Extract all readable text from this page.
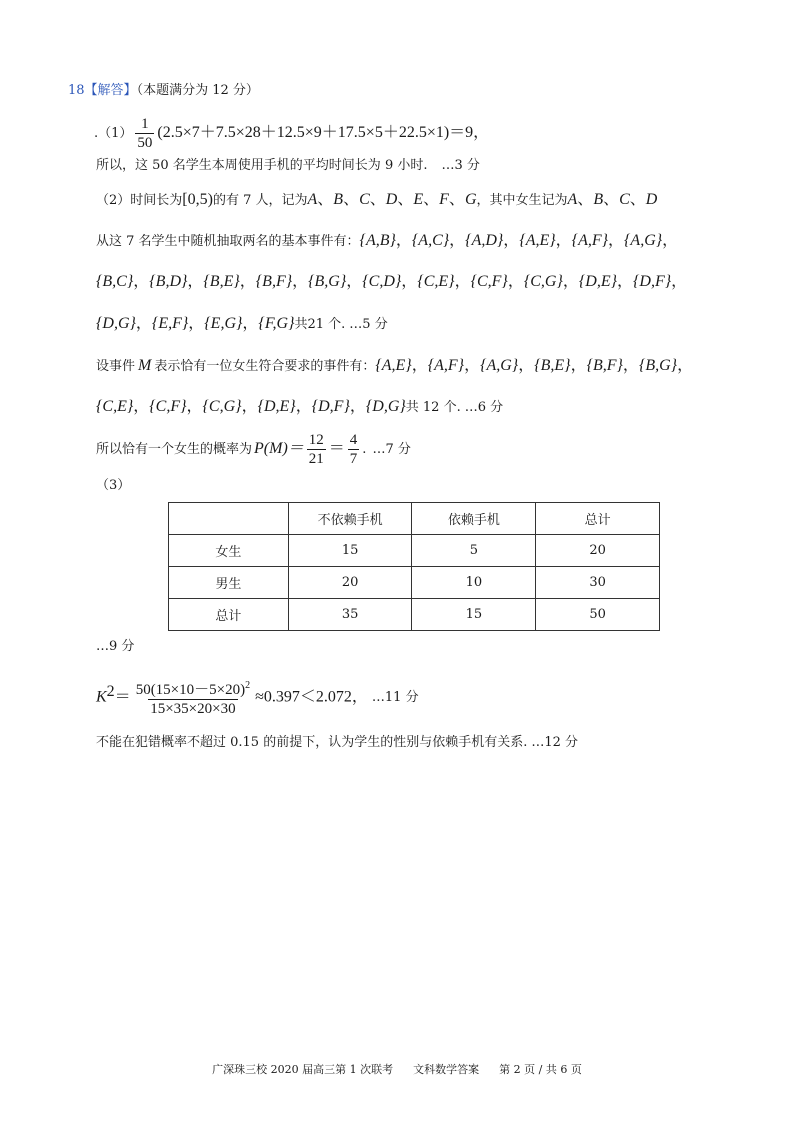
18【解答】（本题满分为 12 分）
$.(1) \frac{1}{50} (2.5\times 7+7.5\times 28+12.5\times 9+17.5\times 5+22.5\times 1)=9$，
所以，这 50 名学生本周使用手机的平均时间长为 9 小时. …3 分
（2）时间长为[0,5)的有 7 人，记为A、B、C、D、E、F、G，其中女生记为A、B、C、D
从这 7 名学生中随机抽取两名的基本事件有：{A,B}，{A,C}，{A,D}，{A,E}，{A,F}，{A,G}，
{B,C}，{B,D}，{B,E}，{B,F}，{B,G}，{C,D}，{C,E}，{C,F}，{C,G}，{D,E}，{D,F}，
{D,G}，{E,F}，{E,G}，{F,G}共21 个. …5 分
设事件 M 表示恰有一位女生符合要求的事件有：{A,E}，{A,F}，{A,G}，{B,E}，{B,F}，{B,G}，
{C,E}，{C,F}，{C,G}，{D,E}，{D,F}，{D,G}共 12 个. …6 分
所以恰有一个女生的概率为 $P(M)= \frac{12}{21} = \frac{4}{7}$ . …7 分
（3）
	不依赖手机	依赖手机	总计
女生	15	5	20
男生	20	10	30
总计	35	15	50
…9 分
$K^2= \frac{50(15\times 10-5\times 20)^2}{15\times 35\times 20\times 30} \approx 0.397<2.072$， …11 分
不能在犯错概率不超过 0.15 的前提下，认为学生的性别与依赖手机有关系. …12 分
广深珠三校 2020 届高三第 1 次联考 文科数学答案 第 2 页 / 共 6 页
